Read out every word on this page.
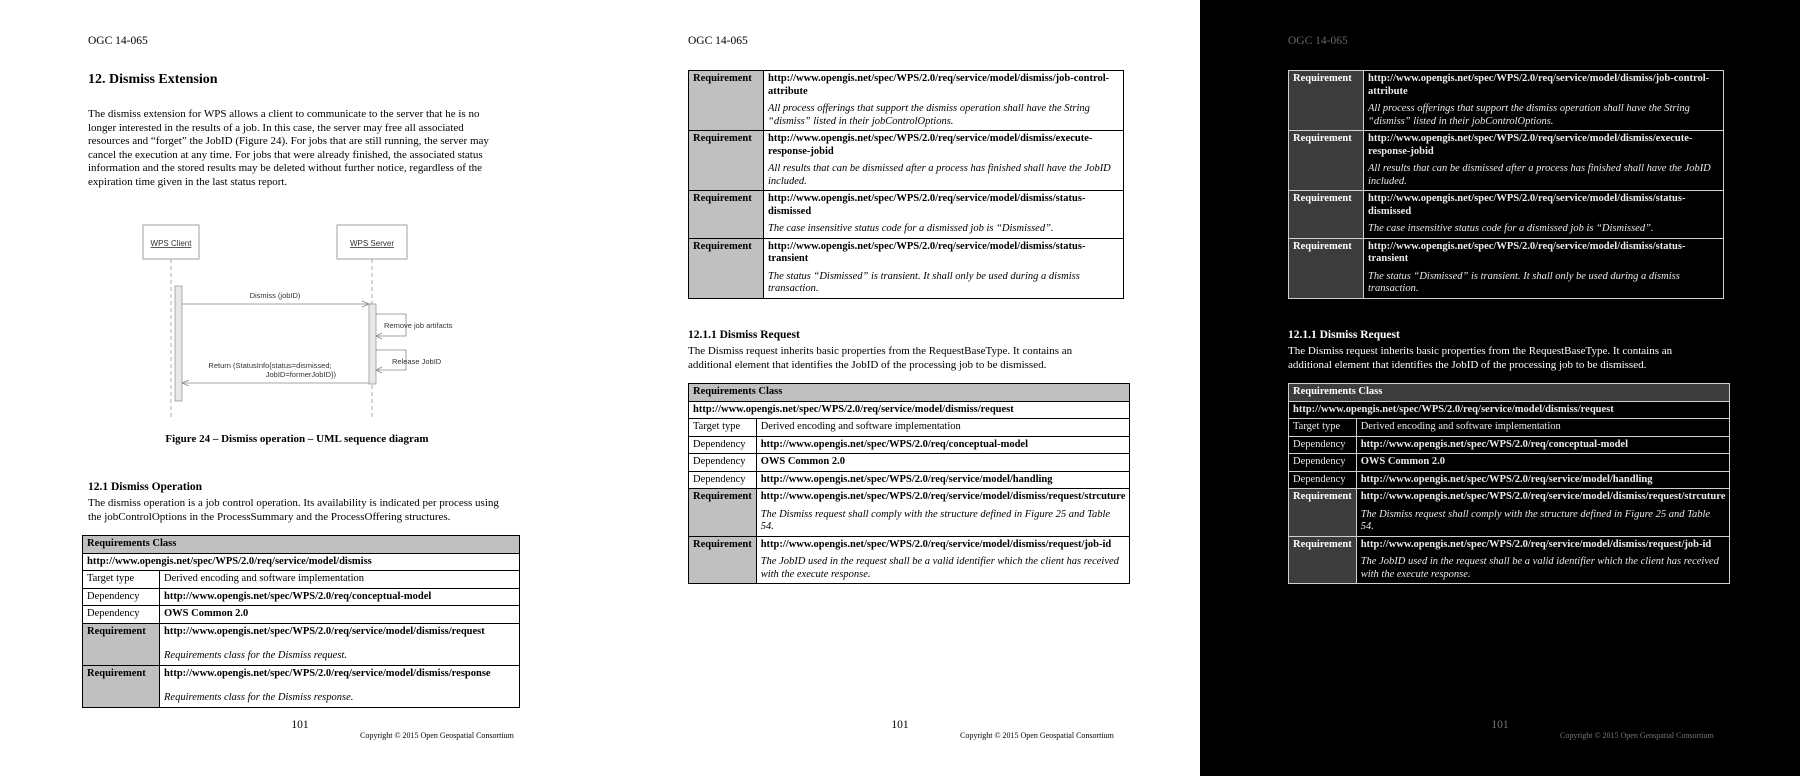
OGC 14-065
12. Dismiss Extension

The dismiss extension for WPS allows a client to communicate to the server that he is no longer interested in the results of a job. In this case, the server may free all associated resources and “forget” the JobID (Figure 24). For jobs that are still running, the server may cancel the execution at any time. For jobs that were already finished, the associated status information and the stored results may be deleted without further notice, regardless of the expiration time given in the last status report.

WPS Client	WPS Server
Dismiss (jobID)
Remove job artifacts
Release JobID
Return (StatusInfo{status=dismissed;
JobID=formerJobID})
Figure 24 – Dismiss operation – UML sequence diagram
12.1 Dismiss Operation

The dismiss operation is a job control operation. Its availability is indicated per process using the jobControlOptions in the ProcessSummary and the ProcessOffering structures.

Requirements Class	
http://www.opengis.net/spec/WPS/2.0/req/service/model/dismiss	
Target type	Derived encoding and software implementation
Dependency	http://www.opengis.net/spec/WPS/2.0/req/conceptual-model
Dependency	OWS Common 2.0
Requirement	http://www.opengis.net/spec/WPS/2.0/req/service/model/dismiss/request
Requirements class for the Dismiss request.

Requirement	http://www.opengis.net/spec/WPS/2.0/req/service/model/dismiss/response
Requirements class for the Dismiss response.
101
Copyright © 2015 Open Geospatial Consortium
OGC 14-065
Requirement	http://www.opengis.net/spec/WPS/2.0/req/service/model/dismiss/job-control-attribute
All process offerings that support the dismiss operation shall have the String “dismiss” listed in their jobControlOptions.

Requirement	http://www.opengis.net/spec/WPS/2.0/req/service/model/dismiss/execute-response-jobid
All results that can be dismissed after a process has finished shall have the JobID included.

Requirement	http://www.opengis.net/spec/WPS/2.0/req/service/model/dismiss/status-dismissed
The case insensitive status code for a dismissed job is “Dismissed”.

Requirement	http://www.opengis.net/spec/WPS/2.0/req/service/model/dismiss/status-transient
The status “Dismissed” is transient. It shall only be used during a dismiss transaction.
12.1.1 Dismiss Request

The Dismiss request inherits basic properties from the RequestBaseType. It contains an additional element that identifies the JobID of the processing job to be dismissed.

Requirements Class	
http://www.opengis.net/spec/WPS/2.0/req/service/model/dismiss/request	
Target type	Derived encoding and software implementation
Dependency	http://www.opengis.net/spec/WPS/2.0/req/conceptual-model
Dependency	OWS Common 2.0
Dependency	http://www.opengis.net/spec/WPS/2.0/req/service/model/handling
Requirement	http://www.opengis.net/spec/WPS/2.0/req/service/model/dismiss/request/strcuture
The Dismiss request shall comply with the structure defined in Figure 25 and Table 54.

Requirement	http://www.opengis.net/spec/WPS/2.0/req/service/model/dismiss/request/job-id
The JobID used in the request shall be a valid identifier which the client has received with the execute response.
101
Copyright © 2015 Open Geospatial Consortium
OGC 14-065
Requirement	http://www.opengis.net/spec/WPS/2.0/req/service/model/dismiss/job-control-attribute
All process offerings that support the dismiss operation shall have the String “dismiss” listed in their jobControlOptions.

Requirement	http://www.opengis.net/spec/WPS/2.0/req/service/model/dismiss/execute-response-jobid
All results that can be dismissed after a process has finished shall have the JobID included.

Requirement	http://www.opengis.net/spec/WPS/2.0/req/service/model/dismiss/status-dismissed
The case insensitive status code for a dismissed job is “Dismissed”.

Requirement	http://www.opengis.net/spec/WPS/2.0/req/service/model/dismiss/status-transient
The status “Dismissed” is transient. It shall only be used during a dismiss transaction.
12.1.1 Dismiss Request

The Dismiss request inherits basic properties from the RequestBaseType. It contains an additional element that identifies the JobID of the processing job to be dismissed.

Requirements Class	
http://www.opengis.net/spec/WPS/2.0/req/service/model/dismiss/request	
Target type	Derived encoding and software implementation
Dependency	http://www.opengis.net/spec/WPS/2.0/req/conceptual-model
Dependency	OWS Common 2.0
Dependency	http://www.opengis.net/spec/WPS/2.0/req/service/model/handling
Requirement	http://www.opengis.net/spec/WPS/2.0/req/service/model/dismiss/request/strcuture
The Dismiss request shall comply with the structure defined in Figure 25 and Table 54.

Requirement	http://www.opengis.net/spec/WPS/2.0/req/service/model/dismiss/request/job-id
The JobID used in the request shall be a valid identifier which the client has received with the execute response.
101
Copyright © 2015 Open Geospatial Consortium
